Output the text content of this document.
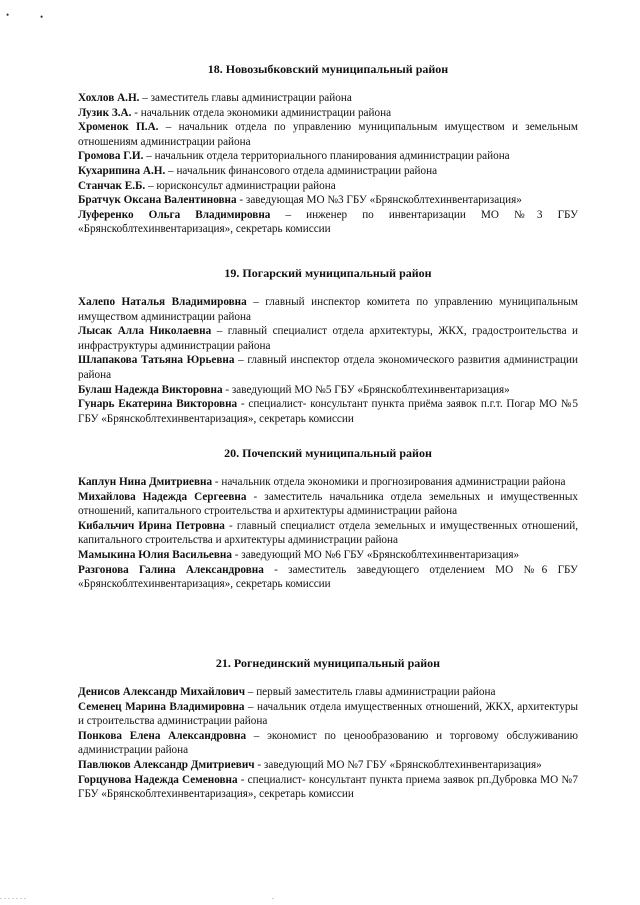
•	•

18. Новозыбковский муниципальный район

Хохлов А.Н. – заместитель главы администрации района

Лузик З.А. - начальник отдела экономики администрации района

Хроменок П.А. – начальник отдела по управлению муниципальным имуществом и земельным отношениям администрации района

Громова Г.И. – начальник отдела территориального планирования администрации района

Кухарипина А.Н. – начальник финансового отдела администрации района

Станчак Е.Б. – юрисконсульт администрации района

Братчук Оксана Валентиновна - заведующая МО №3 ГБУ «Брянскоблтехинвентаризация»

Луференко Ольга Владимировна – инженер по инвентаризации МО №3 ГБУ «Брянскоблтехинвентаризация», секретарь комиссии

19. Погарский муниципальный район

Халепо Наталья Владимировна – главный инспектор комитета по управлению муниципальным имуществом администрации района

Лысак Алла Николаевна – главный специалист отдела архитектуры, ЖКХ, градостроительства и инфраструктуры администрации района

Шлапакова Татьяна Юрьевна – главный инспектор отдела экономического развития администрации района

Булаш Надежда Викторовна - заведующий МО №5 ГБУ «Брянскоблтехинвентаризация»

Гунарь Екатерина Викторовна - специалист- консультант пункта приёма заявок п.г.т. Погар МО №5 ГБУ «Брянскоблтехинвентаризация», секретарь комиссии

20. Почепский муниципальный район

Каплун Нина Дмитриевна - начальник отдела экономики и прогнозирования администрации района

Михайлова Надежда Сергеевна - заместитель начальника отдела земельных и имущественных отношений, капитального строительства и архитектуры администрации района

Кибальчич Ирина Петровна - главный специалист отдела земельных и имущественных отношений, капитального строительства и архитектуры администрации района

Мамыкина Юлия Васильевна - заведующий МО №6 ГБУ «Брянскоблтехинвентаризация»

Разгонова Галина Александровна - заместитель заведующего отделением МО №6 ГБУ «Брянскоблтехинвентаризация», секретарь комиссии

21. Рогнединский муниципальный район

Денисов Александр Михайлович – первый заместитель главы администрации района

Семенец Марина Владимировна – начальник отдела имущественных отношений, ЖКХ, архитектуры и строительства администрации района

Понкова Елена Александровна – экономист по ценообразованию и торговому обслуживанию администрации района

Павлюков Александр Дмитриевич - заведующий МО №7 ГБУ «Брянскоблтехинвентаризация»

Горцунова Надежда Семеновна - специалист- консультант пункта приема заявок рп.Дубровка МО №7 ГБУ «Брянскоблтехинвентаризация», секретарь комиссии

.......                                                             .
